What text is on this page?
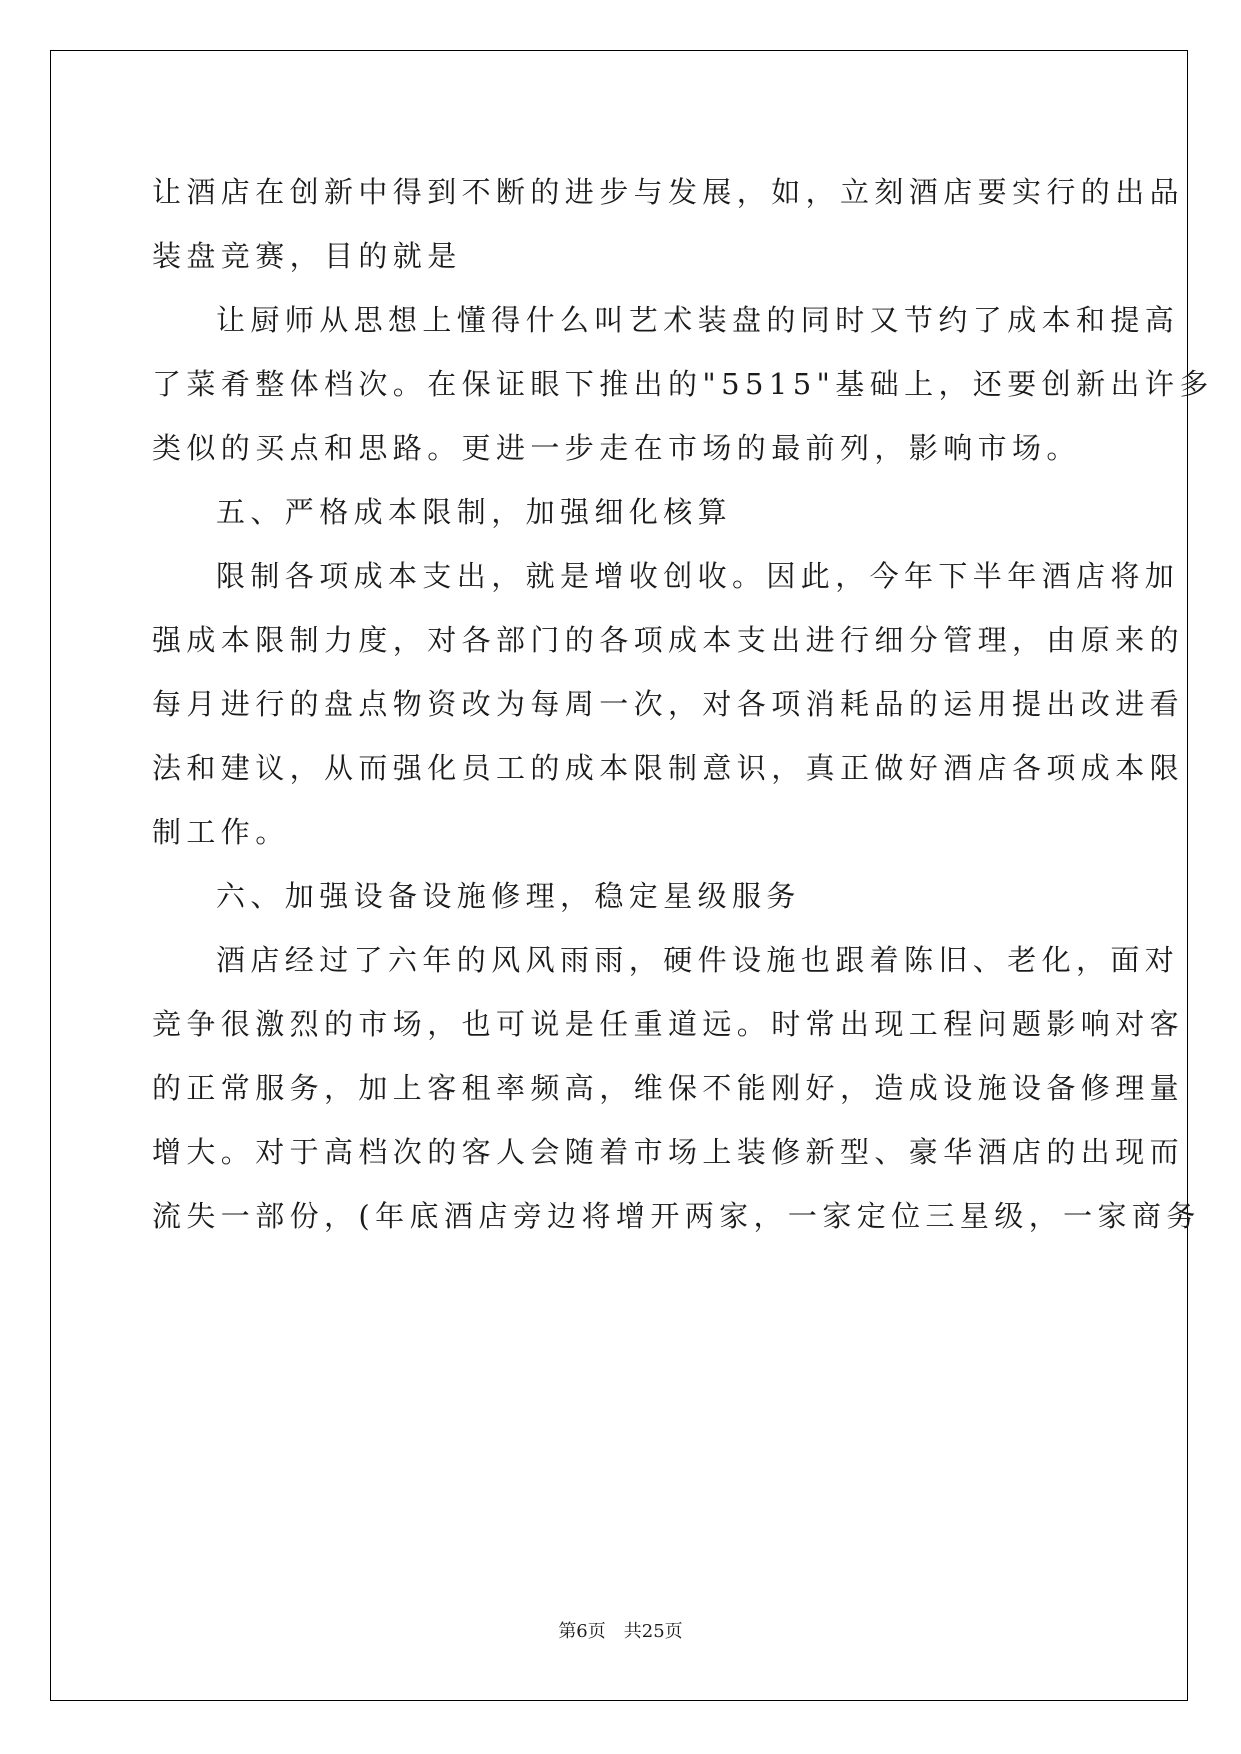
让酒店在创新中得到不断的进步与发展，如，立刻酒店要实行的出品

装盘竞赛，目的就是

让厨师从思想上懂得什么叫艺术装盘的同时又节约了成本和提高

了菜肴整体档次。在保证眼下推出的"5515"基础上，还要创新出许多

类似的买点和思路。更进一步走在市场的最前列，影响市场。

五、严格成本限制，加强细化核算

限制各项成本支出，就是增收创收。因此，今年下半年酒店将加

强成本限制力度，对各部门的各项成本支出进行细分管理，由原来的

每月进行的盘点物资改为每周一次，对各项消耗品的运用提出改进看

法和建议，从而强化员工的成本限制意识，真正做好酒店各项成本限

制工作。

六、加强设备设施修理，稳定星级服务

酒店经过了六年的风风雨雨，硬件设施也跟着陈旧、老化，面对

竞争很激烈的市场，也可说是任重道远。时常出现工程问题影响对客

的正常服务，加上客租率频高，维保不能刚好，造成设施设备修理量

增大。对于高档次的客人会随着市场上装修新型、豪华酒店的出现而

流失一部份，(年底酒店旁边将增开两家，一家定位三星级，一家商务

第6页 共25页
